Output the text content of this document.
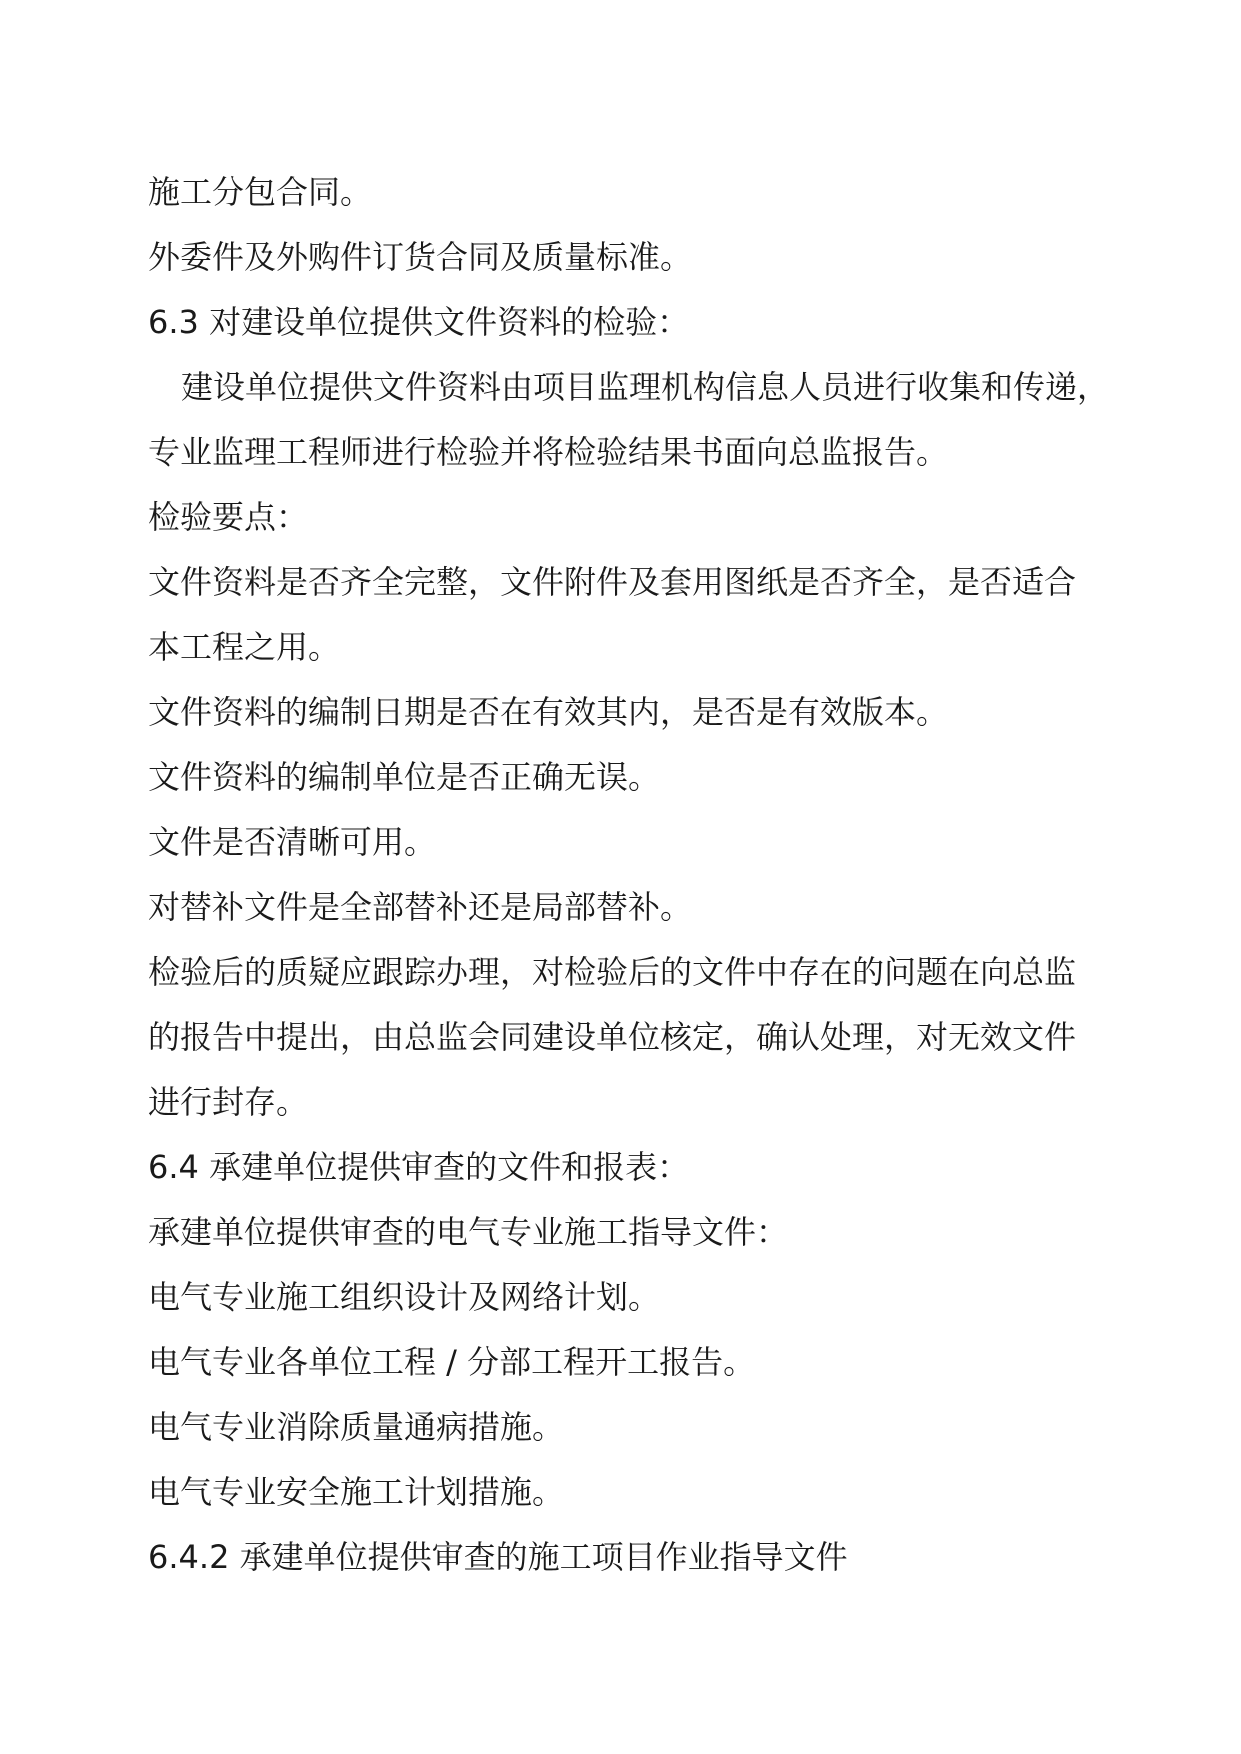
施工分包合同。
外委件及外购件订货合同及质量标准。
6.3 对建设单位提供文件资料的检验：
建设单位提供文件资料由项目监理机构信息人员进行收集和传递，
专业监理工程师进行检验并将检验结果书面向总监报告。
检验要点：
文件资料是否齐全完整，文件附件及套用图纸是否齐全，是否适合
本工程之用。
文件资料的编制日期是否在有效其内，是否是有效版本。
文件资料的编制单位是否正确无误。
文件是否清晰可用。
对替补文件是全部替补还是局部替补。
检验后的质疑应跟踪办理，对检验后的文件中存在的问题在向总监
的报告中提出，由总监会同建设单位核定，确认处理，对无效文件
进行封存。
6.4 承建单位提供审查的文件和报表：
承建单位提供审查的电气专业施工指导文件：
电气专业施工组织设计及网络计划。
电气专业各单位工程 / 分部工程开工报告。
电气专业消除质量通病措施。
电气专业安全施工计划措施。
6.4.2 承建单位提供审查的施工项目作业指导文件
